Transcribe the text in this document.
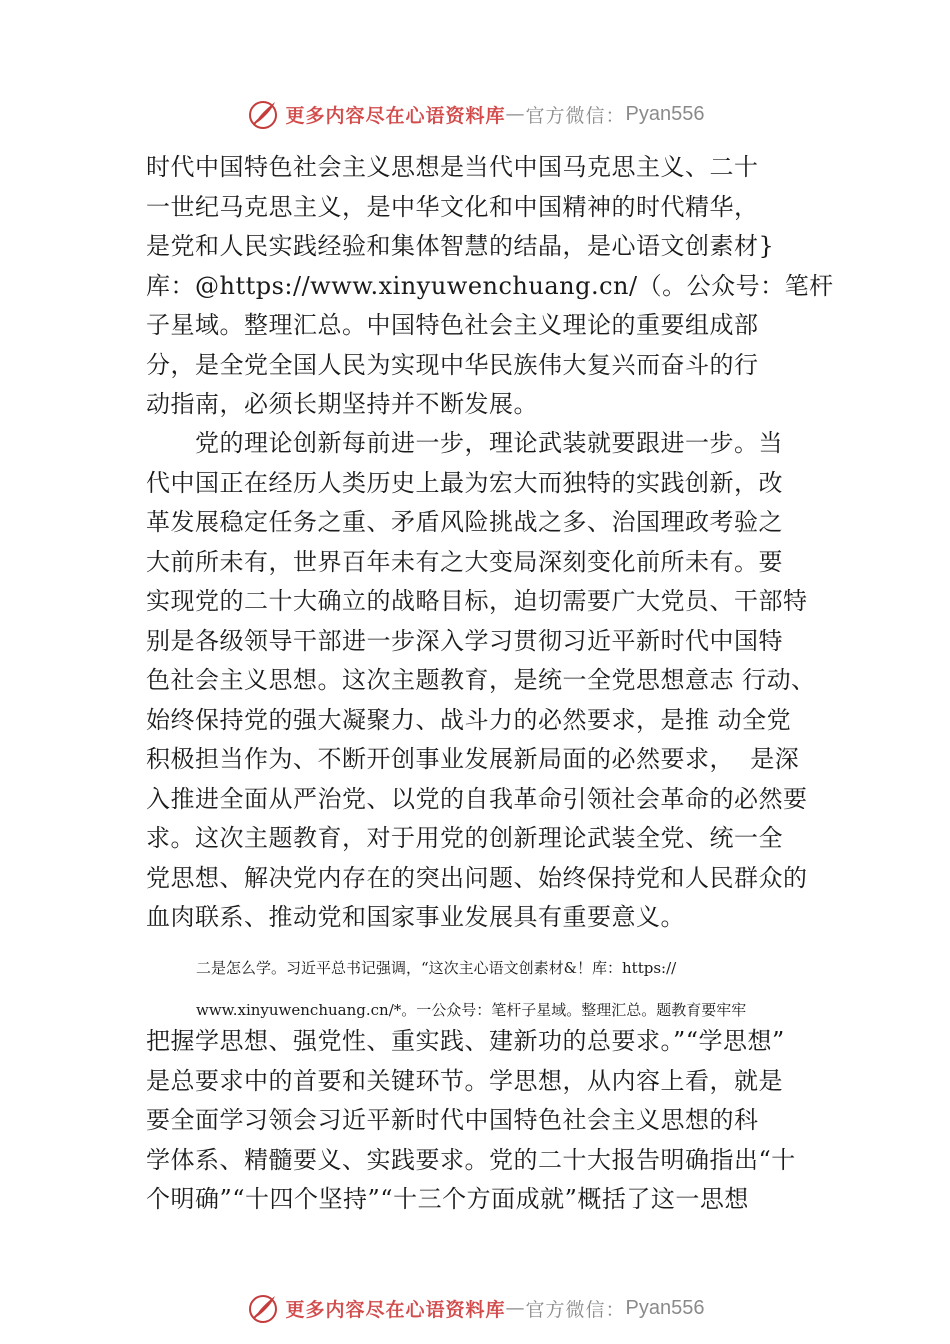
更多内容尽在心语资料库 — 官方微信： Pyan556
时代中国特色社会主义思想是当代中国马克思主义、二十
一世纪马克思主义，是中华文化和中国精神的时代精华，
是党和人民实践经验和集体智慧的结晶，是心语文创素材}
库：@https://www.xinyuwenchuang.cn/（。公众号：笔杆
子星域。整理汇总。中国特色社会主义理论的重要组成部
分，是全党全国人民为实现中华民族伟大复兴而奋斗的行
动指南，必须长期坚持并不断发展。
　　党的理论创新每前进一步，理论武装就要跟进一步。当
代中国正在经历人类历史上最为宏大而独特的实践创新，改
革发展稳定任务之重、矛盾风险挑战之多、治国理政考验之
大前所未有，世界百年未有之大变局深刻变化前所未有。要
实现党的二十大确立的战略目标，迫切需要广大党员、干部特
别是各级领导干部进一步深入学习贯彻习近平新时代中国特
色社会主义思想。这次主题教育，是统一全党思想意志 行动、
始终保持党的强大凝聚力、战斗力的必然要求，是推 动全党
积极担当作为、不断开创事业发展新局面的必然要求，  是深
入推进全面从严治党、以党的自我革命引领社会革命的必然要
求。这次主题教育，对于用党的创新理论武装全党、统一全
党思想、解决党内存在的突出问题、始终保持党和人民群众的
血肉联系、推动党和国家事业发展具有重要意义。
二是怎么学。习近平总书记强调，“这次主心语文创素材&！库：https://
www.xinyuwenchuang.cn/*。一公众号：笔杆子星域。整理汇总。题教育要牢牢
把握学思想、强党性、重实践、建新功的总要求。”“学思想”
是总要求中的首要和关键环节。学思想，从内容上看，就是
要全面学习领会习近平新时代中国特色社会主义思想的科
学体系、精髓要义、实践要求。党的二十大报告明确指出“十
个明确”“十四个坚持”“十三个方面成就”概括了这一思想
更多内容尽在心语资料库 — 官方微信： Pyan556
